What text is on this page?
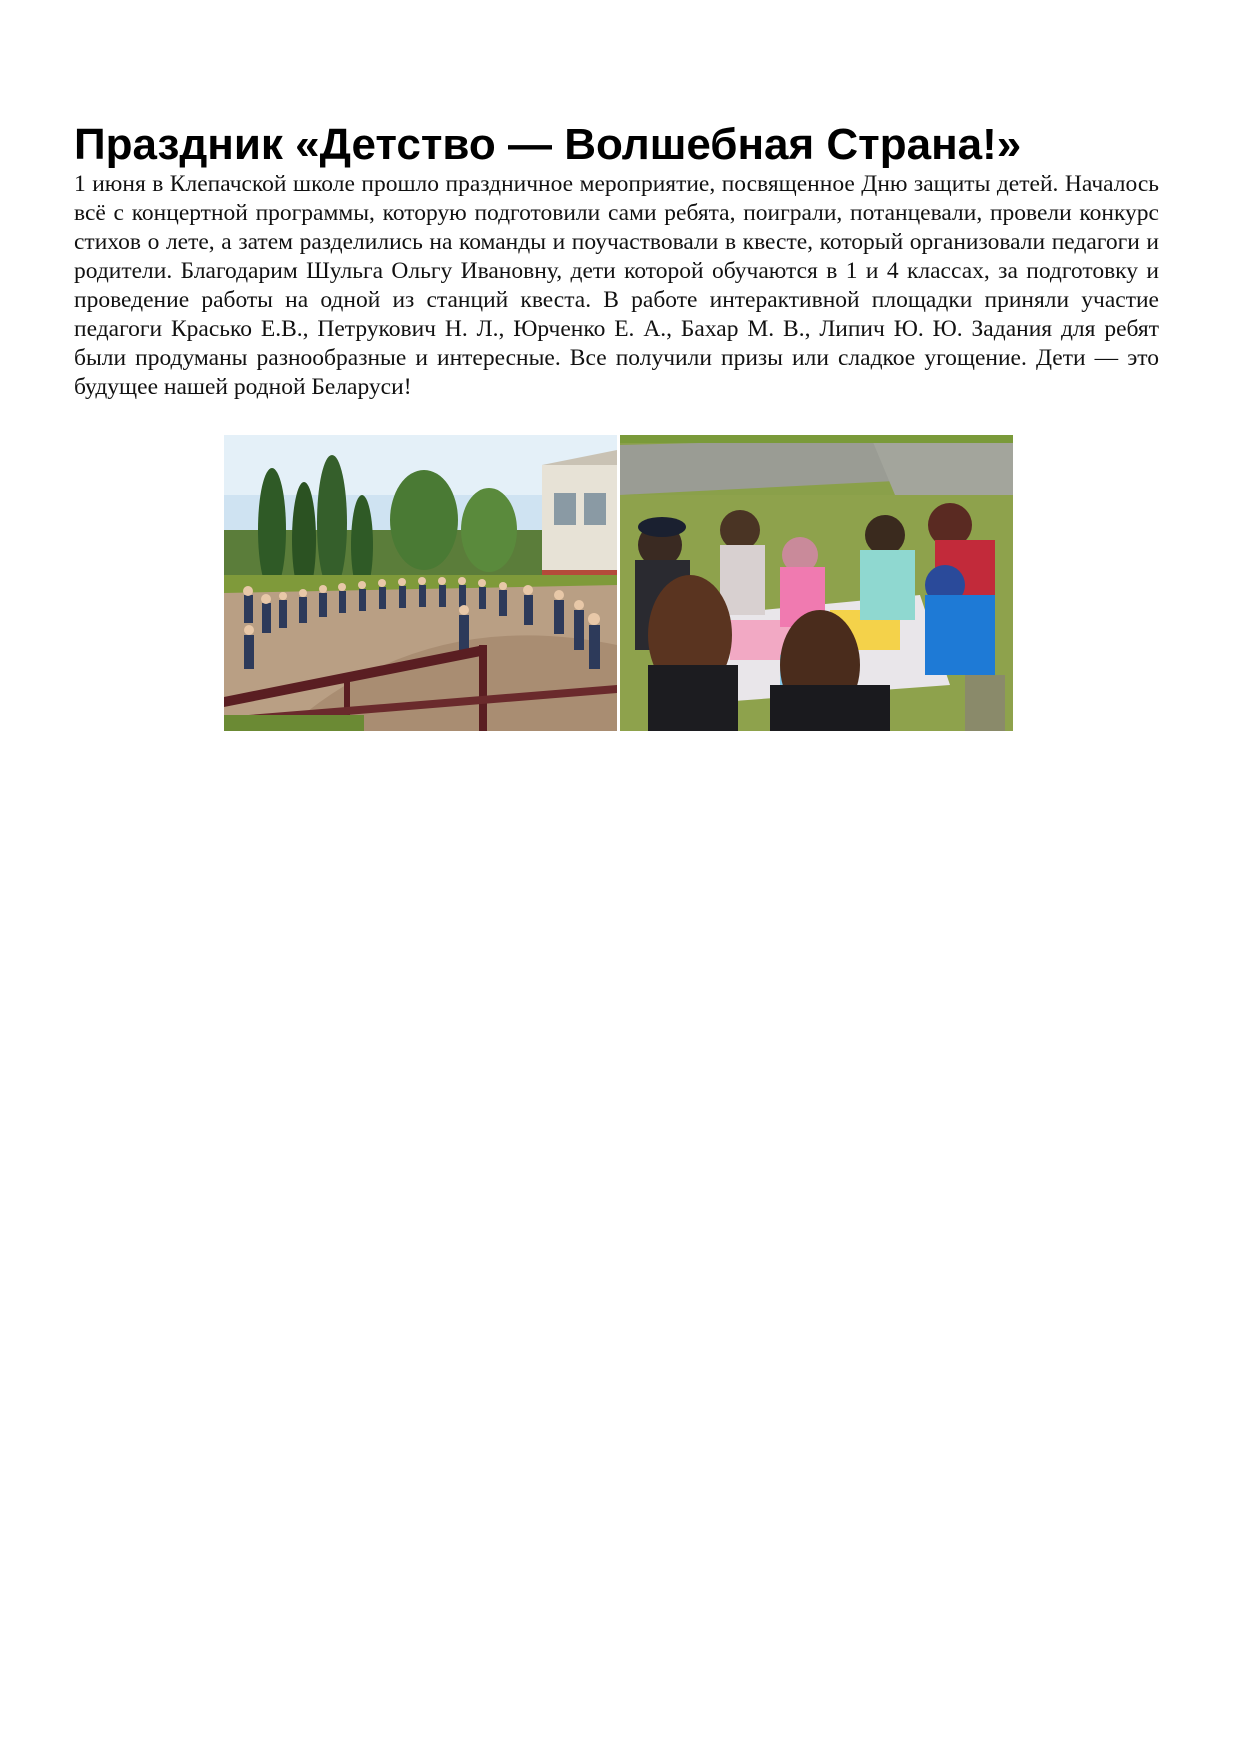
Праздник «Детство — Волшебная Страна!»

1 июня в Клепачской школе прошло праздничное мероприятие, посвященное Дню защиты детей. Началось всё с концертной программы, которую подготовили сами ребята, поиграли, потанцевали, провели конкурс стихов о лете, а затем разделились на команды и поучаствовали в квесте, который организовали педагоги и родители. Благодарим Шульга Ольгу Ивановну, дети которой обучаются в 1 и 4 классах, за подготовку и проведение работы на одной из станций квеста. В работе интерактивной площадки приняли участие педагоги Красько Е.В., Петрукович Н. Л., Юрченко Е. А., Бахар М. В., Липич Ю. Ю. Задания для ребят были продуманы разнообразные и интересные. Все получили призы или сладкое угощение. Дети — это будущее нашей родной Беларуси!
